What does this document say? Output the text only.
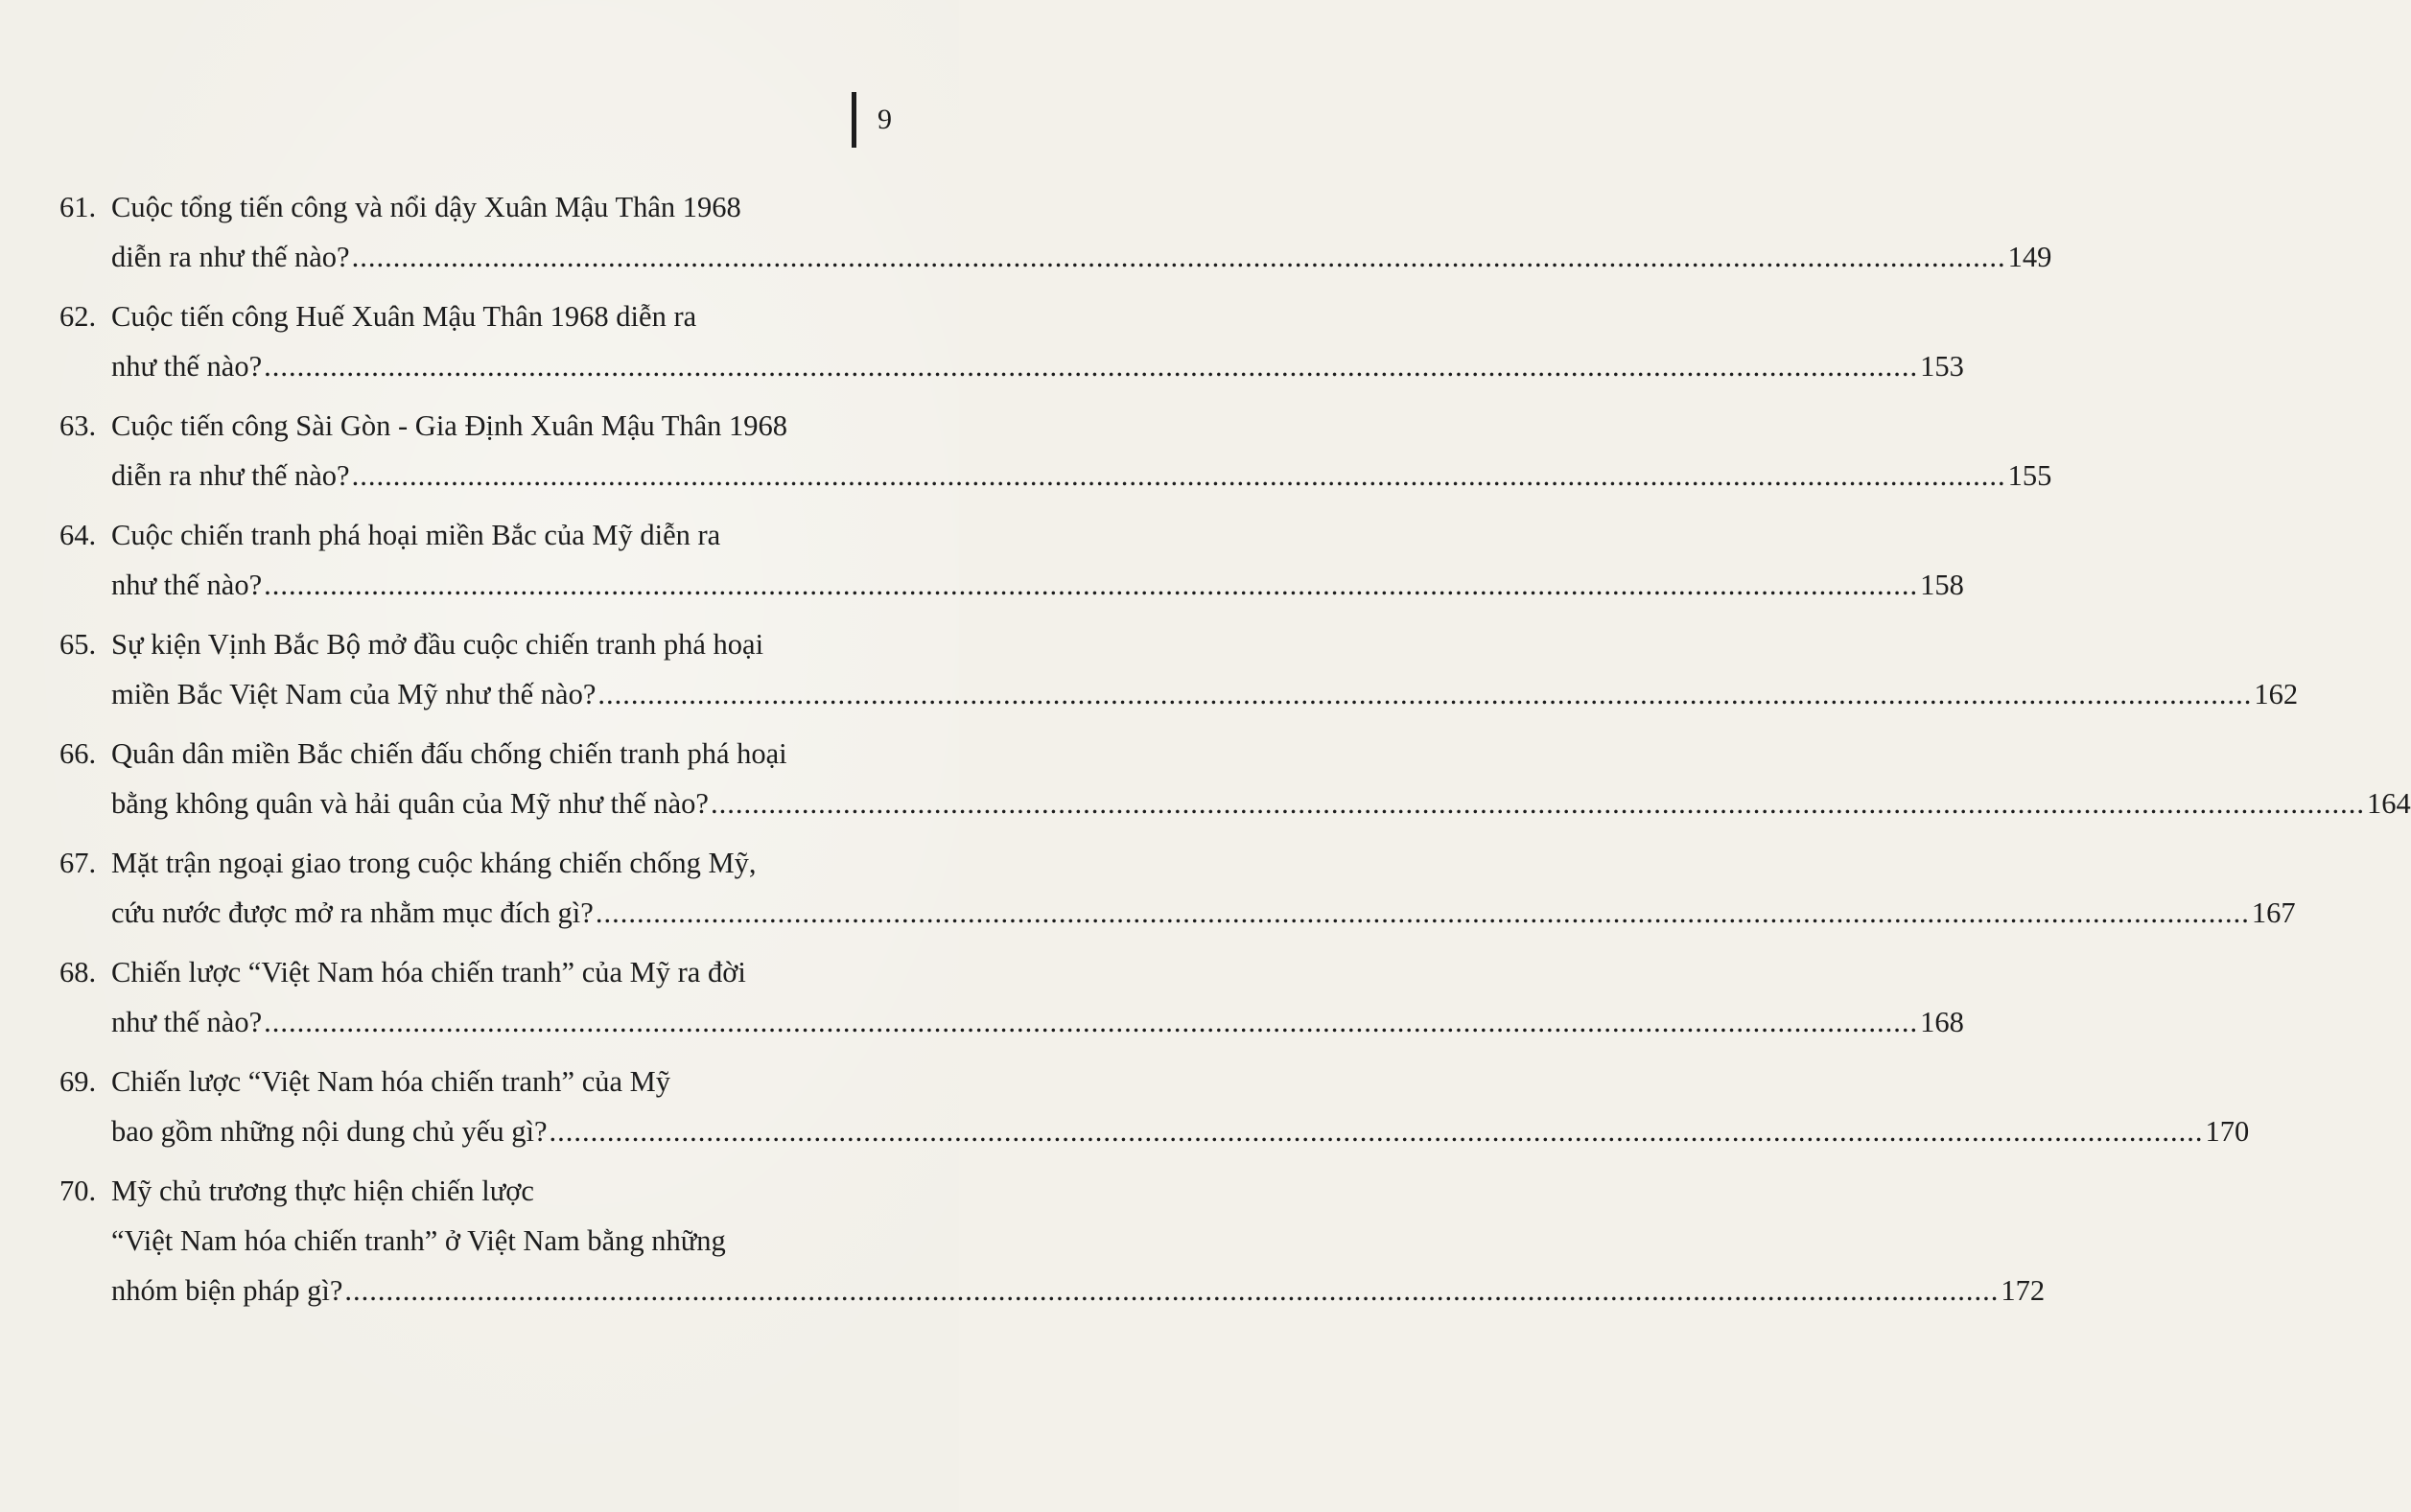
9
61. Cuộc tổng tiến công và nổi dậy Xuân Mậu Thân 1968
diễn ra như thế nào? ........................................................................................................................................................................................................ 149
62. Cuộc tiến công Huế Xuân Mậu Thân 1968 diễn ra
như thế nào? ........................................................................................................................................................................................................ 153
63. Cuộc tiến công Sài Gòn - Gia Định Xuân Mậu Thân 1968
diễn ra như thế nào? ........................................................................................................................................................................................................ 155
64. Cuộc chiến tranh phá hoại miền Bắc của Mỹ diễn ra
như thế nào? ........................................................................................................................................................................................................ 158
65. Sự kiện Vịnh Bắc Bộ mở đầu cuộc chiến tranh phá hoại
miền Bắc Việt Nam của Mỹ như thế nào? ........................................................................................................................................................................................................ 162
66. Quân dân miền Bắc chiến đấu chống chiến tranh phá hoại
bằng không quân và hải quân của Mỹ như thế nào? ........................................................................................................................................................................................................ 164
67. Mặt trận ngoại giao trong cuộc kháng chiến chống Mỹ,
cứu nước được mở ra nhằm mục đích gì? ........................................................................................................................................................................................................ 167
68. Chiến lược “Việt Nam hóa chiến tranh” của Mỹ ra đời
như thế nào? ........................................................................................................................................................................................................ 168
69. Chiến lược “Việt Nam hóa chiến tranh” của Mỹ
bao gồm những nội dung chủ yếu gì? ........................................................................................................................................................................................................ 170
70. Mỹ chủ trương thực hiện chiến lược
“Việt Nam hóa chiến tranh” ở Việt Nam bằng những
nhóm biện pháp gì? ........................................................................................................................................................................................................ 172
